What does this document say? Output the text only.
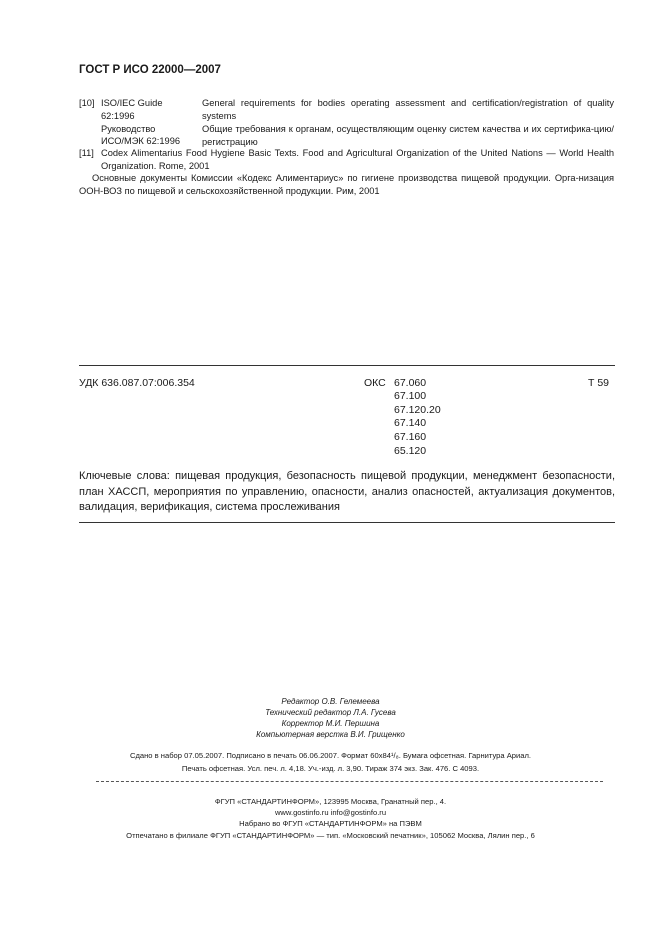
ГОСТ Р ИСО 22000—2007
[10] ISO/IEC Guide
62:1996
Руководство
ИСО/МЭК 62:1996
General requirements for bodies operating assessment and certification/registration of quality systems
Общие требования к органам, осуществляющим оценку систем качества и их сертифика-цию/регистрацию
[11] Codex Alimentarius Food Hygiene Basic Texts. Food and Agricultural Organization of the United Nations — World Health Organization. Rome, 2001
Основные документы Комиссии «Кодекс Алиментариус» по гигиене производства пищевой продукции. Орга-низация ООН-ВОЗ по пищевой и сельскохозяйственной продукции. Рим, 2001
УДК 636.087.07:006.354	ОКС 67.060
67.100
67.120.20
67.140
67.160
65.120
Т 59
Ключевые слова: пищевая продукция, безопасность пищевой продукции, менеджмент безопасности, план ХАССП, мероприятия по управлению, опасности, анализ опасностей, актуализация документов, валидация, верификация, система прослеживания
Редактор О.В. Гелемеева
Технический редактор Л.А. Гусева
Корректор М.И. Першина
Компьютерная верстка В.И. Грищенко
Сдано в набор 07.05.2007. Подписано в печать 06.06.2007. Формат 60x84¹/₈. Бумага офсетная. Гарнитура Ариал.
Печать офсетная. Усл. печ. л. 4,18. Уч.-изд. л. 3,90. Тираж 374 экз. Зак. 476. С 4093.
ФГУП «СТАНДАРТИНФОРМ», 123995 Москва, Гранатный пер., 4.
www.gostinfo.ru info@gostinfo.ru
Набрано во ФГУП «СТАНДАРТИНФОРМ» на ПЭВМ
Отпечатано в филиале ФГУП «СТАНДАРТИНФОРМ» — тип. «Московский печатник», 105062 Москва, Лялин пер., 6
